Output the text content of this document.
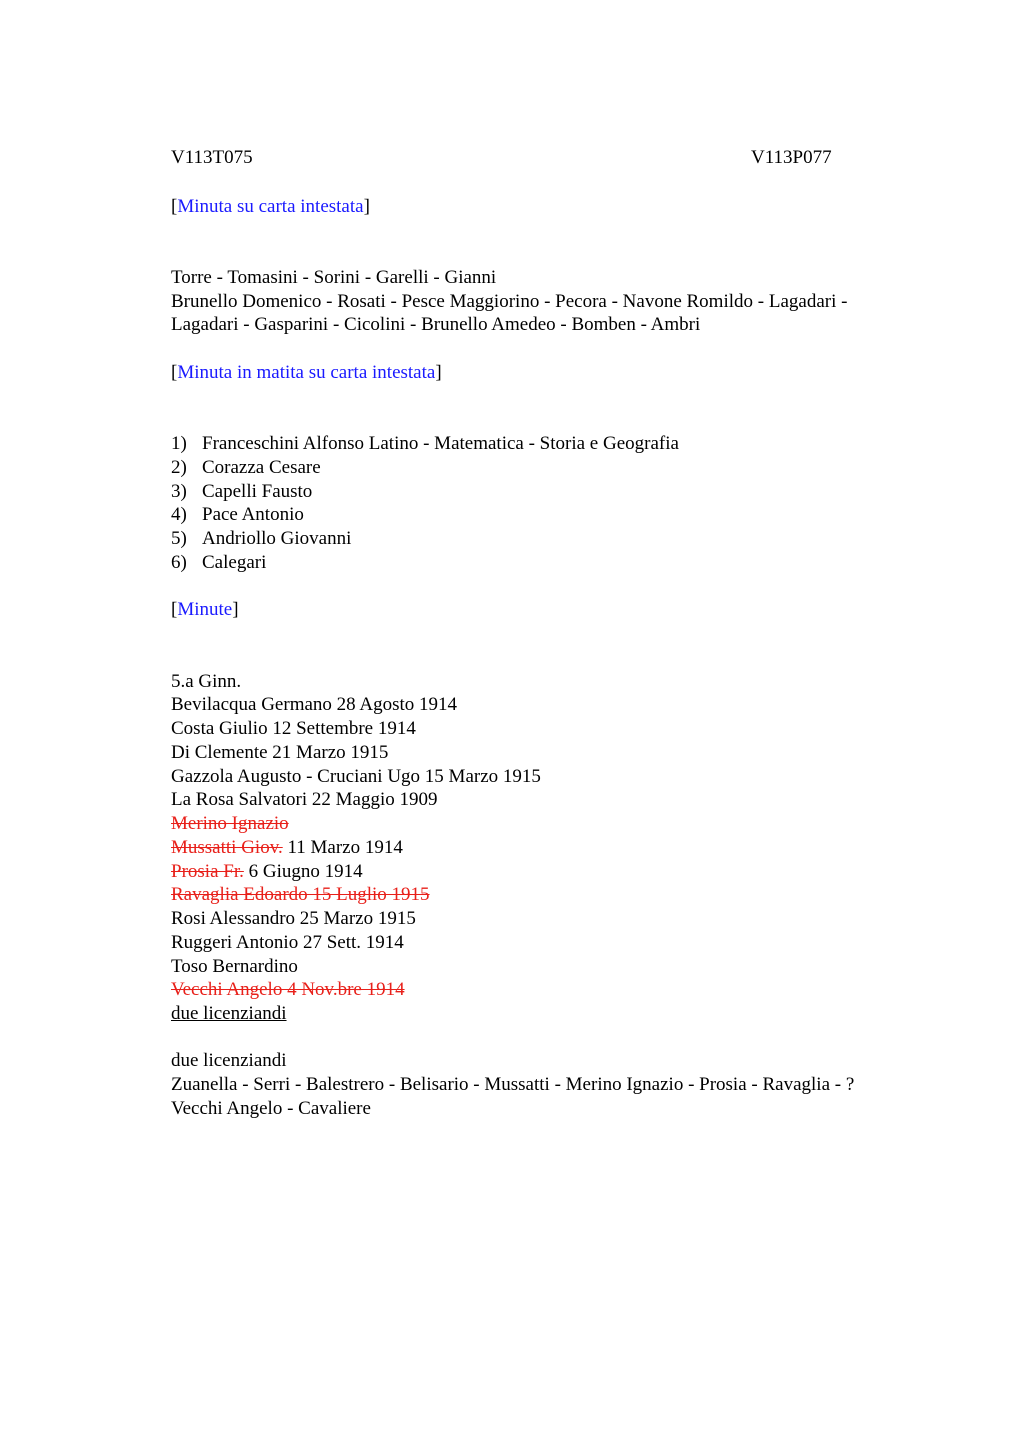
V113T075	V113P077
[Minuta su carta intestata]
Torre - Tomasini - Sorini - Garelli - Gianni
Brunello Domenico - Rosati - Pesce Maggiorino - Pecora - Navone Romildo - Lagadari -
Lagadari - Gasparini - Cicolini - Brunello Amedeo - Bomben - Ambri
[Minuta in matita su carta intestata]
1) Franceschini Alfonso Latino - Matematica - Storia e Geografia
2) Corazza Cesare
3) Capelli Fausto
4) Pace Antonio
5) Andriollo Giovanni
6) Calegari
[Minute]
5.a Ginn.
Bevilacqua Germano 28 Agosto 1914
Costa Giulio 12 Settembre 1914
Di Clemente 21 Marzo 1915
Gazzola Augusto - Cruciani Ugo 15 Marzo 1915
La Rosa Salvatori 22 Maggio 1909
Merino Ignazio
Mussatti Giov. 11 Marzo 1914
Prosia Fr. 6 Giugno 1914
Ravaglia Edoardo 15 Luglio 1915
Rosi Alessandro 25 Marzo 1915
Ruggeri Antonio 27 Sett. 1914
Toso Bernardino
Vecchi Angelo 4 Nov.bre 1914
due licenziandi
due licenziandi
Zuanella - Serri - Balestrero - Belisario - Mussatti - Merino Ignazio - Prosia - Ravaglia - ?
Vecchi Angelo - Cavaliere
